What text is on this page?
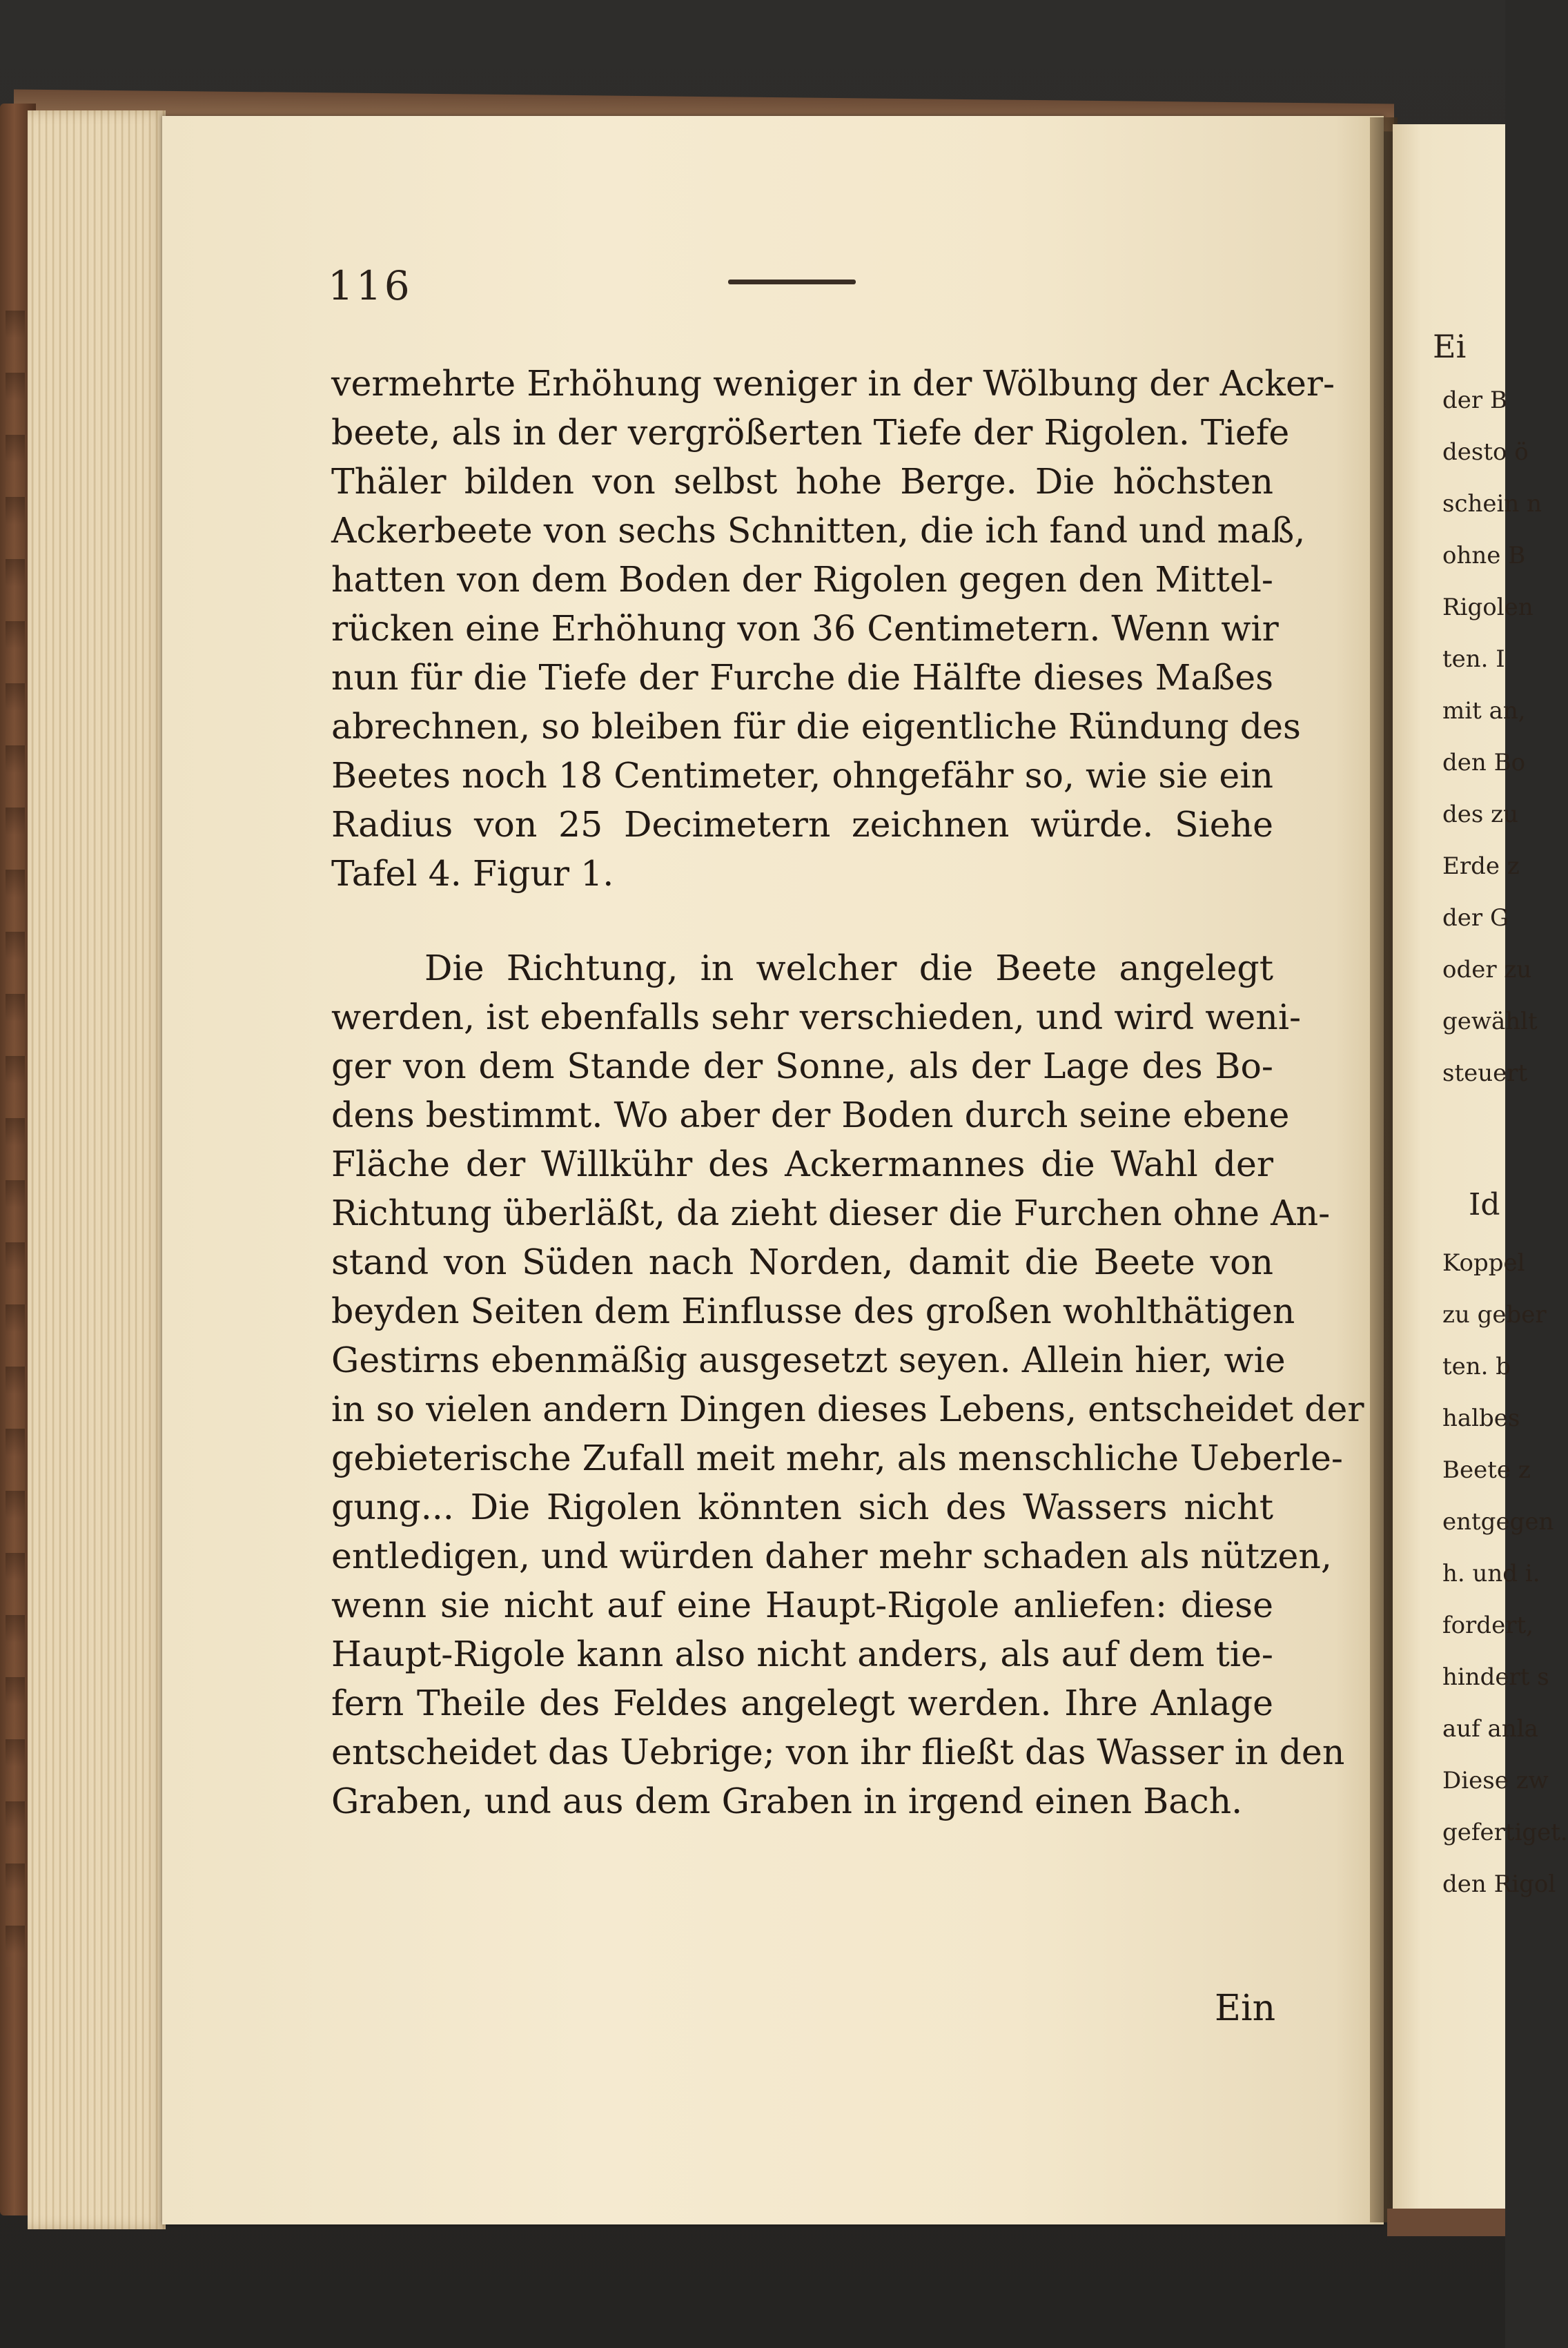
116
vermehrte Erhöhung weniger in der Wölbung der Acker-
beete, als in der vergrößerten Tiefe der Rigolen. Tiefe
Thäler bilden von selbst hohe Berge. Die höchsten
Ackerbeete von sechs Schnitten, die ich fand und maß,
hatten von dem Boden der Rigolen gegen den Mittel-
rücken eine Erhöhung von 36 Centimetern. Wenn wir
nun für die Tiefe der Furche die Hälfte dieses Maßes
abrechnen, so bleiben für die eigentliche Ründung des
Beetes noch 18 Centimeter, ohngefähr so, wie sie ein
Radius von 25 Decimetern zeichnen würde. Siehe
Tafel 4. Figur 1.
Die Richtung, in welcher die Beete angelegt
werden, ist ebenfalls sehr verschieden, und wird weni-
ger von dem Stande der Sonne, als der Lage des Bo-
dens bestimmt. Wo aber der Boden durch seine ebene
Fläche der Willkühr des Ackermannes die Wahl der
Richtung überläßt, da zieht dieser die Furchen ohne An-
stand von Süden nach Norden, damit die Beete von
beyden Seiten dem Einflusse des großen wohlthätigen
Gestirns ebenmäßig ausgesetzt seyen. Allein hier, wie
in so vielen andern Dingen dieses Lebens, entscheidet der
gebieterische Zufall meit mehr, als menschliche Ueberle-
gung... Die Rigolen könnten sich des Wassers nicht
entledigen, und würden daher mehr schaden als nützen,
wenn sie nicht auf eine Haupt-Rigole anliefen: diese
Haupt-Rigole kann also nicht anders, als auf dem tie-
fern Theile des Feldes angelegt werden. Ihre Anlage
entscheidet das Uebrige; von ihr fließt das Wasser in den
Graben, und aus dem Graben in irgend einen Bach.
Ein
Ei
der B
desto ö
schein n
ohne B
Rigolen
ten. I
mit an,
den Bo
des zu
Erde z
der G
oder zu
gewählt
steuert
Id
Koppel
zu geber
ten. b
halbes
Beete z
entgegen
h. und i.
fordert,
hindert s
auf anla
Diese zw
gefertiget.
den Rigol
